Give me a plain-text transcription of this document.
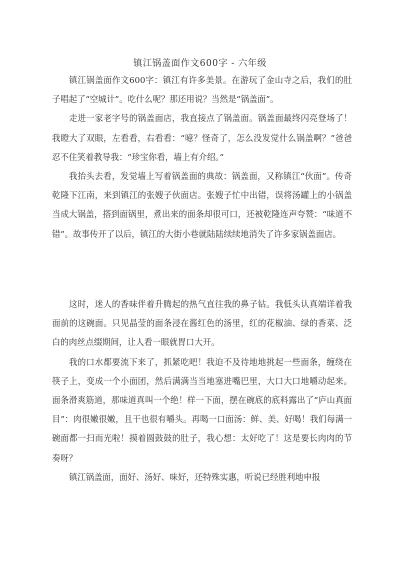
镇江锅盖面作文600字 - 六年级

镇江锅盖面作文600字：镇江有许多美景。在游玩了金山寺之后，我们的肚子唱起了“空城计”。吃什么呢？那还用说？当然是“锅盖面”。

走进一家老字号的锅盖面店，我直接点了锅盖面。锅盖面最终闪亮登场了！我瞪大了双眼，左看看，右看看：“噫？怪奇了，怎么没发觉什么锅盖啊？”爸爸忍不住笑着教导我：“珍宝你看，墙上有介绍。”

我抬头去看，发觉墙上写着锅盖面的典故：锅盖面，又称镇江“伙面”。传奇乾隆下江南，来到镇江的张嫂子伙面店。张嫂子忙中出错，误将汤罐上的小锅盖当成大锅盖，搭到面锅里，煮出来的面条却很可口，还被乾隆连声夸赞：“味道不错”。故事传开了以后，镇江的大街小巷就陆陆续续地消失了许多家锅盖面店。

这时，迷人的香味伴着升腾起的热气直往我的鼻子钻。我低头认真端详着我面前的这碗面。只见晶莹的面条浸在酱红色的汤里，红的花椒油、绿的香菜、泛白的肉丝点缀期间，让人看一眼就胃口大开。

我的口水都要流下来了，抓紧吃吧！我迫不及待地地挑起一些面条，缠绕在筷子上，变成一个小面团，然后满满当当地塞进嘴巴里，大口大口地嚼动起来。面条滑爽筋道，那味道真叫一个绝！样一下面，摆在碗底的底料露出了“庐山真面目”：肉很嫩很嫩，且干也很有嚼头。再喝一口面汤：鲜、美、好喝！我们每满一碗面都一扫而光啦！摸着圆鼓鼓的肚子，我心想：太好吃了！这是要长肉肉的节奏呀？

镇江锅盖面，面好、汤好、味好，还特殊实惠，听说已经胜利地申报
